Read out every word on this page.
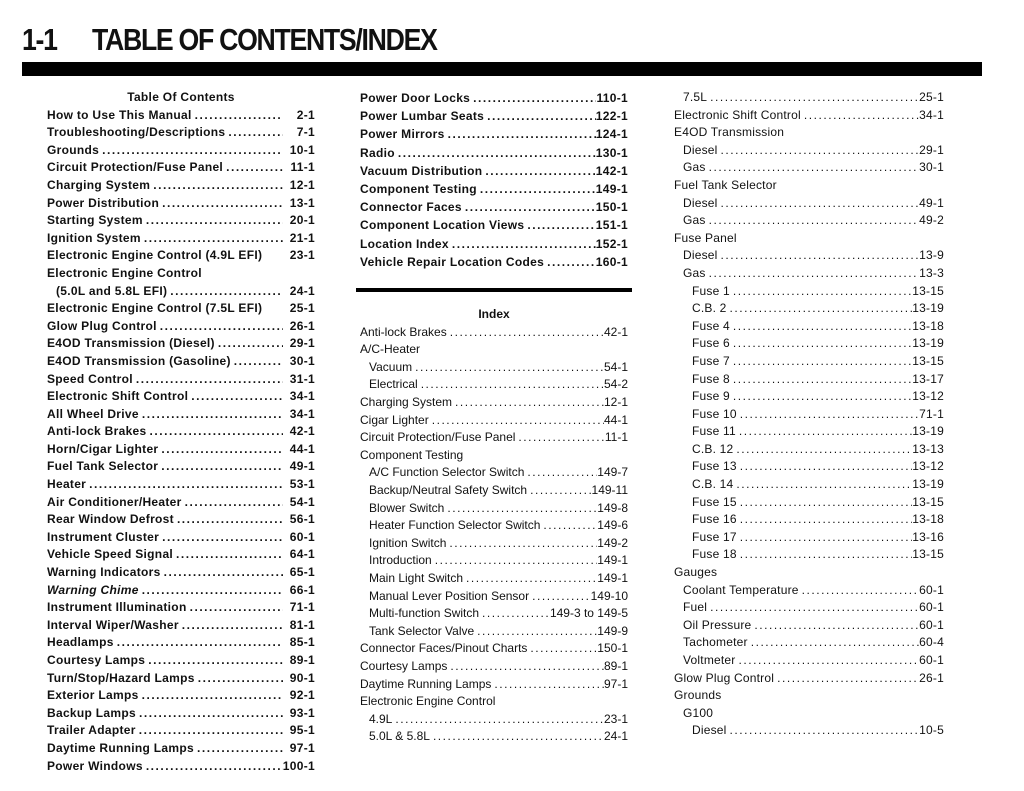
1-1	TABLE OF CONTENTS/INDEX
Table Of Contents
How to Use This Manual . . .	2-1
Troubleshooting/Descriptions . . .	7-1
Grounds . . .	10-1
Circuit Protection/Fuse Panel . . .	11-1
Charging System . . .	12-1
Power Distribution . . .	13-1
Starting System . . .	20-1
Ignition System . . .	21-1
Electronic Engine Control (4.9L EFI)	23-1
Electronic Engine Control
(5.0L and 5.8L EFI) . . .	24-1
Electronic Engine Control (7.5L EFI)	25-1
Glow Plug Control . . .	26-1
E4OD Transmission (Diesel) . . .	29-1
E4OD Transmission (Gasoline) . . .	30-1
Speed Control . . .	31-1
Electronic Shift Control . . .	34-1
All Wheel Drive . . .	34-1
Anti-lock Brakes . . .	42-1
Horn/Cigar Lighter . . .	44-1
Fuel Tank Selector . . .	49-1
Heater . . .	53-1
Air Conditioner/Heater . . .	54-1
Rear Window Defrost . . .	56-1
Instrument Cluster . . .	60-1
Vehicle Speed Signal . . .	64-1
Warning Indicators . . .	65-1
Warning Chime . . .	66-1
Instrument Illumination . . .	71-1
Interval Wiper/Washer . . .	81-1
Headlamps . . .	85-1
Courtesy Lamps . . .	89-1
Turn/Stop/Hazard Lamps . . .	90-1
Exterior Lamps . . .	92-1
Backup Lamps . . .	93-1
Trailer Adapter . . .	95-1
Daytime Running Lamps . . .	97-1
Power Windows . . .	100-1
Power Door Locks . . .	110-1
Power Lumbar Seats . . .	122-1
Power Mirrors . . .	124-1
Radio . . .	130-1
Vacuum Distribution . . .	142-1
Component Testing . . .	149-1
Connector Faces . . .	150-1
Component Location Views . . .	151-1
Location Index . . .	152-1
Vehicle Repair Location Codes . . .	160-1
Index
Anti-lock Brakes . . .	42-1
A/C-Heater
Vacuum . . .	54-1
Electrical . . .	54-2
Charging System . . .	12-1
Cigar Lighter . . .	44-1
Circuit Protection/Fuse Panel . . .	11-1
Component Testing
A/C Function Selector Switch . . .	149-7
Backup/Neutral Safety Switch . . .	149-11
Blower Switch . . .	149-8
Heater Function Selector Switch . . .	149-6
Ignition Switch . . .	149-2
Introduction . . .	149-1
Main Light Switch . . .	149-1
Manual Lever Position Sensor . . .	149-10
Multi-function Switch . . .	149-3 to 149-5
Tank Selector Valve . . .	149-9
Connector Faces/Pinout Charts . . .	150-1
Courtesy Lamps . . .	89-1
Daytime Running Lamps . . .	97-1
Electronic Engine Control
4.9L . . .	23-1
5.0L & 5.8L . . .	24-1
7.5L . . .	25-1
Electronic Shift Control . . .	34-1
E4OD Transmission
Diesel . . .	29-1
Gas . . .	30-1
Fuel Tank Selector
Diesel . . .	49-1
Gas . . .	49-2
Fuse Panel
Diesel . . .	13-9
Gas . . .	13-3
Fuse 1 . . .	13-15
C.B. 2 . . .	13-19
Fuse 4 . . .	13-18
Fuse 6 . . .	13-19
Fuse 7 . . .	13-15
Fuse 8 . . .	13-17
Fuse 9 . . .	13-12
Fuse 10 . . .	71-1
Fuse 11 . . .	13-19
C.B. 12 . . .	13-13
Fuse 13 . . .	13-12
C.B. 14 . . .	13-19
Fuse 15 . . .	13-15
Fuse 16 . . .	13-18
Fuse 17 . . .	13-16
Fuse 18 . . .	13-15
Gauges
Coolant Temperature . . .	60-1
Fuel . . .	60-1
Oil Pressure . . .	60-1
Tachometer . . .	60-4
Voltmeter . . .	60-1
Glow Plug Control . . .	26-1
Grounds
G100
Diesel . . .	10-5
